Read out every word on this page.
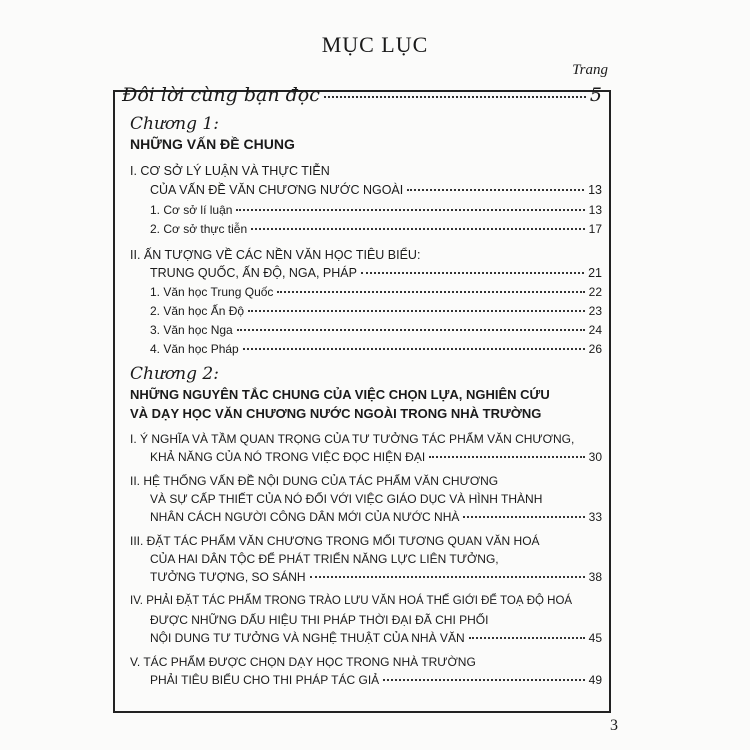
MỤC LỤC
Trang
Đôi lời cùng bạn đọc	5
Chương 1:
NHỮNG VẤN ĐỀ CHUNG
I. CƠ SỞ LÝ LUẬN VÀ THỰC TIỄN
CỦA VẤN ĐỀ VĂN CHƯƠNG NƯỚC NGOÀI	13
1. Cơ sở lí luận	13
2. Cơ sở thực tiễn	17
II. ẤN TƯỢNG VỀ CÁC NỀN VĂN HỌC TIÊU BIỂU:
TRUNG QUỐC, ẤN ĐỘ, NGA, PHÁP	21
1. Văn học Trung Quốc	22
2. Văn học Ấn Độ	23
3. Văn học Nga	24
4. Văn học Pháp	26
Chương 2:
NHỮNG NGUYÊN TẮC CHUNG CỦA VIỆC CHỌN LỰA, NGHIÊN CỨU
VÀ DẠY HỌC VĂN CHƯƠNG NƯỚC NGOÀI TRONG NHÀ TRƯỜNG
I. Ý NGHĨA VÀ TẦM QUAN TRỌNG CỦA TƯ TƯỞNG TÁC PHẨM VĂN CHƯƠNG,
KHẢ NĂNG CỦA NÓ TRONG VIỆC ĐỌC HIỆN ĐẠI	30
II. HỆ THỐNG VẤN ĐỀ NỘI DUNG CỦA TÁC PHẨM VĂN CHƯƠNG
VÀ SỰ CẤP THIẾT CỦA NÓ ĐỐI VỚI VIỆC GIÁO DỤC VÀ HÌNH THÀNH
NHÂN CÁCH NGƯỜI CÔNG DÂN MỚI CỦA NƯỚC NHÀ	33
III. ĐẶT TÁC PHẨM VĂN CHƯƠNG TRONG MỐI TƯƠNG QUAN VĂN HOÁ
CỦA HAI DÂN TỘC ĐỂ PHÁT TRIỂN NĂNG LỰC LIÊN TƯỞNG,
TƯỞNG TƯỢNG, SO SÁNH	38
IV. PHẢI ĐẶT TÁC PHẨM TRONG TRÀO LƯU VĂN HOÁ THẾ GIỚI ĐỂ TOẠ ĐỘ HOÁ
ĐƯỢC NHỮNG DẤU HIỆU THI PHÁP THỜI ĐẠI ĐÃ CHI PHỐI
NỘI DUNG TƯ TƯỞNG VÀ NGHỆ THUẬT CỦA NHÀ VĂN	45
V. TÁC PHẨM ĐƯỢC CHỌN DẠY HỌC TRONG NHÀ TRƯỜNG
PHẢI TIÊU BIỂU CHO THI PHÁP TÁC GIẢ	49
3
